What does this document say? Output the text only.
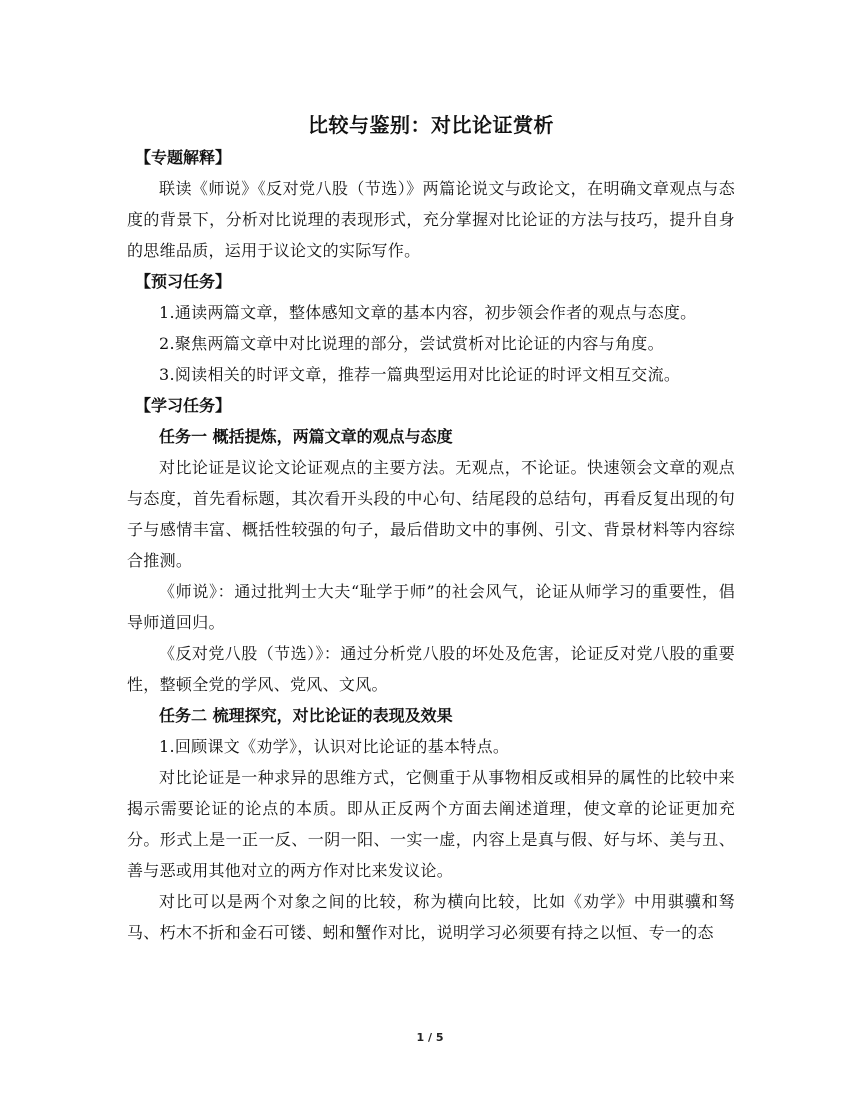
比较与鉴别：对比论证赏析

【专题解释】

联读《师说》《反对党八股（节选）》两篇论说文与政论文，在明确文章观点与态度的背景下，分析对比说理的表现形式，充分掌握对比论证的方法与技巧，提升自身的思维品质，运用于议论文的实际写作。

【预习任务】

1.通读两篇文章，整体感知文章的基本内容，初步领会作者的观点与态度。

2.聚焦两篇文章中对比说理的部分，尝试赏析对比论证的内容与角度。

3.阅读相关的时评文章，推荐一篇典型运用对比论证的时评文相互交流。

【学习任务】

任务一 概括提炼，两篇文章的观点与态度

对比论证是议论文论证观点的主要方法。无观点，不论证。快速领会文章的观点与态度，首先看标题，其次看开头段的中心句、结尾段的总结句，再看反复出现的句子与感情丰富、概括性较强的句子，最后借助文中的事例、引文、背景材料等内容综合推测。

《师说》：通过批判士大夫“耻学于师”的社会风气，论证从师学习的重要性，倡导师道回归。

《反对党八股（节选）》：通过分析党八股的坏处及危害，论证反对党八股的重要性，整顿全党的学风、党风、文风。

任务二 梳理探究，对比论证的表现及效果

1.回顾课文《劝学》，认识对比论证的基本特点。

对比论证是一种求异的思维方式，它侧重于从事物相反或相异的属性的比较中来揭示需要论证的论点的本质。即从正反两个方面去阐述道理，使文章的论证更加充分。形式上是一正一反、一阴一阳、一实一虚，内容上是真与假、好与坏、美与丑、善与恶或用其他对立的两方作对比来发议论。

对比可以是两个对象之间的比较，称为横向比较，比如《劝学》中用骐骥和驽马、朽木不折和金石可镂、蚓和蟹作对比，说明学习必须要有持之以恒、专一的态

1 / 5
